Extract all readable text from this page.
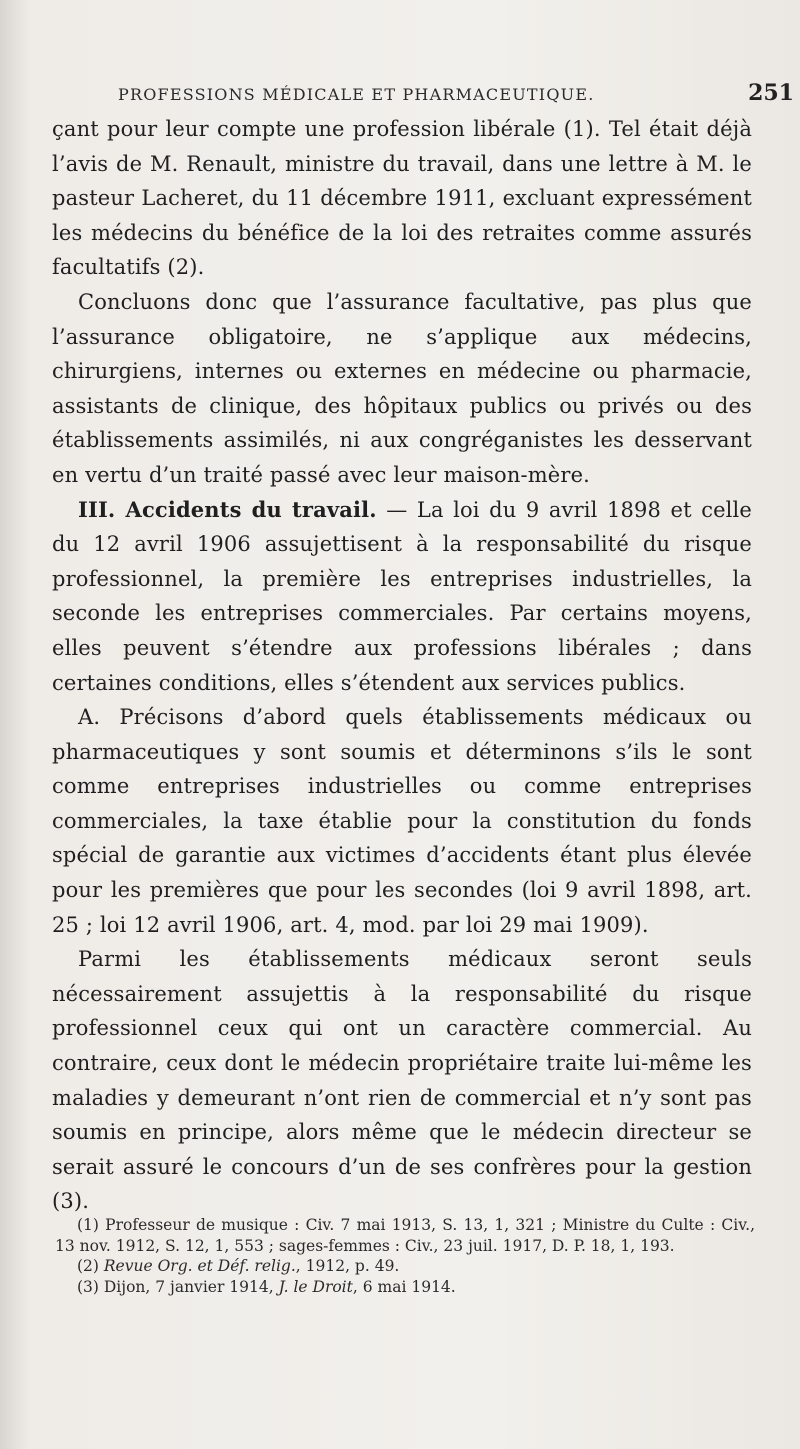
PROFESSIONS MÉDICALE ET PHARMACEUTIQUE.	251

çant pour leur compte une profession libérale (1). Tel était déjà l’avis de M. Renault, ministre du travail, dans une lettre à M. le pasteur Lacheret, du 11 décembre 1911, excluant expressément les médecins du bénéfice de la loi des retraites comme assurés facultatifs (2).

Concluons donc que l’assurance facultative, pas plus que l’assurance obligatoire, ne s’applique aux médecins, chirurgiens, internes ou externes en médecine ou pharmacie, assistants de clinique, des hôpitaux publics ou privés ou des établissements assimilés, ni aux congréganistes les desservant en vertu d’un traité passé avec leur maison-mère.

III. Accidents du travail. — La loi du 9 avril 1898 et celle du 12 avril 1906 assujettisent à la responsabilité du risque professionnel, la première les entreprises industrielles, la seconde les entreprises commerciales. Par certains moyens, elles peuvent s’étendre aux professions libérales ; dans certaines conditions, elles s’étendent aux services publics.

A. Précisons d’abord quels établissements médicaux ou pharmaceutiques y sont soumis et déterminons s’ils le sont comme entreprises industrielles ou comme entreprises commerciales, la taxe établie pour la constitution du fonds spécial de garantie aux victimes d’accidents étant plus élevée pour les premières que pour les secondes (loi 9 avril 1898, art. 25 ; loi 12 avril 1906, art. 4, mod. par loi 29 mai 1909).

Parmi les établissements médicaux seront seuls nécessairement assujettis à la responsabilité du risque professionnel ceux qui ont un caractère commercial. Au contraire, ceux dont le médecin propriétaire traite lui-même les maladies y demeurant n’ont rien de commercial et n’y sont pas soumis en principe, alors même que le médecin directeur se serait assuré le concours d’un de ses confrères pour la gestion (3).

(1) Professeur de musique : Civ. 7 mai 1913, S. 13, 1, 321 ; Ministre du Culte : Civ., 13 nov. 1912, S. 12, 1, 553 ; sages-femmes : Civ., 23 juil. 1917, D. P. 18, 1, 193.

(2) Revue Org. et Déf. relig., 1912, p. 49.

(3) Dijon, 7 janvier 1914, J. le Droit, 6 mai 1914.
